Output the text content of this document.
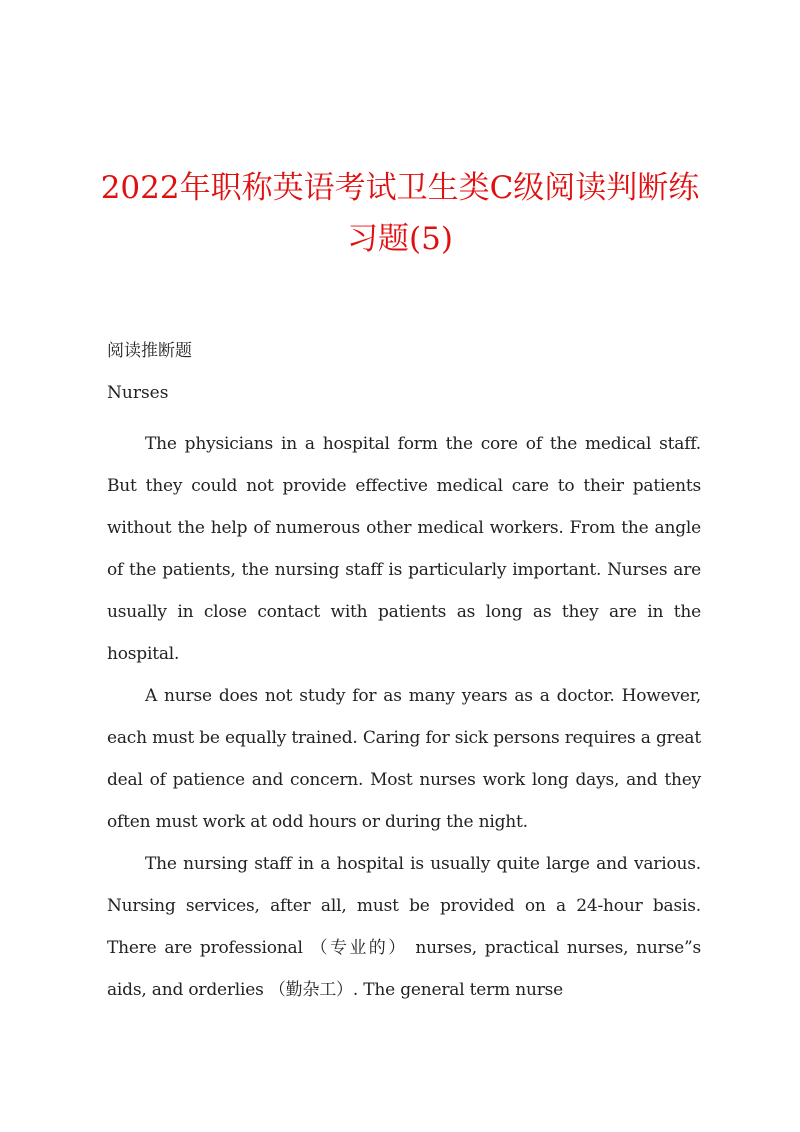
2022年职称英语考试卫生类C级阅读判断练习题(5)

阅读推断题

Nurses

The physicians in a hospital form the core of the medical staff. But they could not provide effective medical care to their patients without the help of numerous other medical workers. From the angle of the patients, the nursing staff is particularly important. Nurses are usually in close contact with patients as long as they are in the hospital.

A nurse does not study for as many years as a doctor. However, each must be equally trained. Caring for sick persons requires a great deal of patience and concern. Most nurses work long days, and they often must work at odd hours or during the night.

The nursing staff in a hospital is usually quite large and various. Nursing services, after all, must be provided on a 24-hour basis. There are professional （专业的） nurses, practical nurses, nurse”s aids, and orderlies （勤杂工）. The general term nurse
